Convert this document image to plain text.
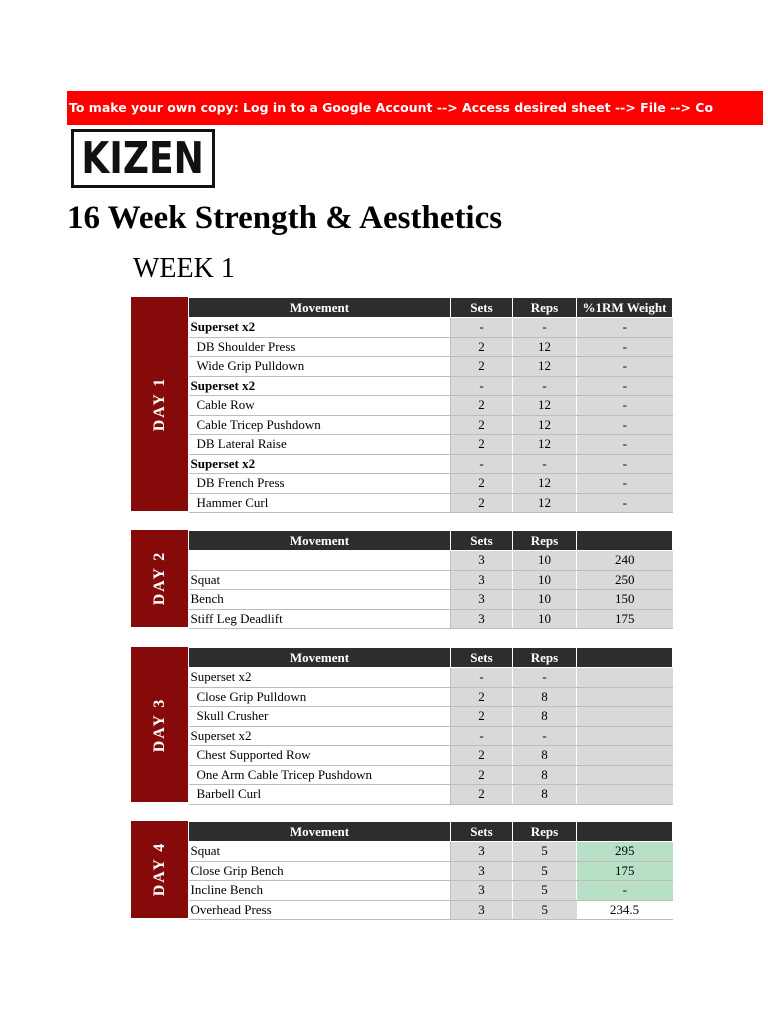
To make your own copy: Log in to a Google Account --> Access desired sheet --> File --> Co
KIZEN
16 Week Strength & Aesthetics
WEEK 1
DAY 1
Movement	Sets	Reps	%1RM Weight
Superset x2	-	-	-
DB Shoulder Press	2	12	-
Wide Grip Pulldown	2	12	-
Superset x2	-	-	-
Cable Row	2	12	-
Cable Tricep Pushdown	2	12	-
DB Lateral Raise	2	12	-
Superset x2	-	-	-
DB French Press	2	12	-
Hammer Curl	2	12	-
DAY 2
Movement	Sets	Reps	
	3	10	240
Squat	3	10	250
Bench	3	10	150
Stiff Leg Deadlift	3	10	175
DAY 3
Movement	Sets	Reps	
Superset x2	-	-	
Close Grip Pulldown	2	8	
Skull Crusher	2	8	
Superset x2	-	-	
Chest Supported Row	2	8	
One Arm Cable Tricep Pushdown	2	8	
Barbell Curl	2	8	
DAY 4
Movement	Sets	Reps	
Squat	3	5	295
Close Grip Bench	3	5	175
Incline Bench	3	5	-
Overhead Press	3	5	234.5
